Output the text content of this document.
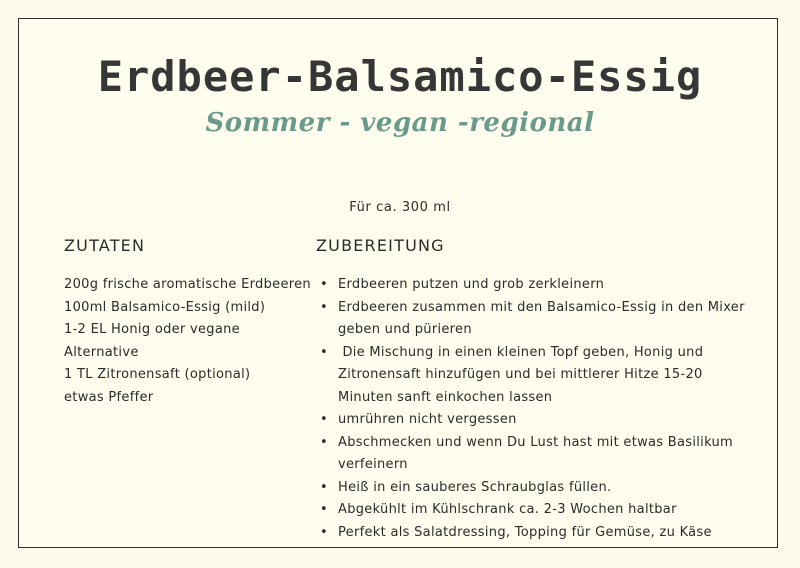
Erdbeer-Balsamico-Essig
Sommer - vegan -regional
Für ca. 300 ml
ZUTATEN	ZUBEREITUNG
200g frische aromatische Erdbeeren
100ml Balsamico-Essig (mild)
1-2 EL Honig oder vegane Alternative
1 TL Zitronensaft (optional)
etwas Pfeffer
• Erdbeeren putzen und grob zerkleinern
• Erdbeeren zusammen mit den Balsamico-Essig in den Mixer geben und pürieren
• Die Mischung in einen kleinen Topf geben, Honig und Zitronensaft hinzufügen und bei mittlerer Hitze 15-20 Minuten sanft einkochen lassen
• umrühren nicht vergessen
• Abschmecken und wenn Du Lust hast mit etwas Basilikum verfeinern
• Heiß in ein sauberes Schraubglas füllen.
• Abgekühlt im Kühlschrank ca. 2-3 Wochen haltbar
• Perfekt als Salatdressing, Topping für Gemüse, zu Käse
